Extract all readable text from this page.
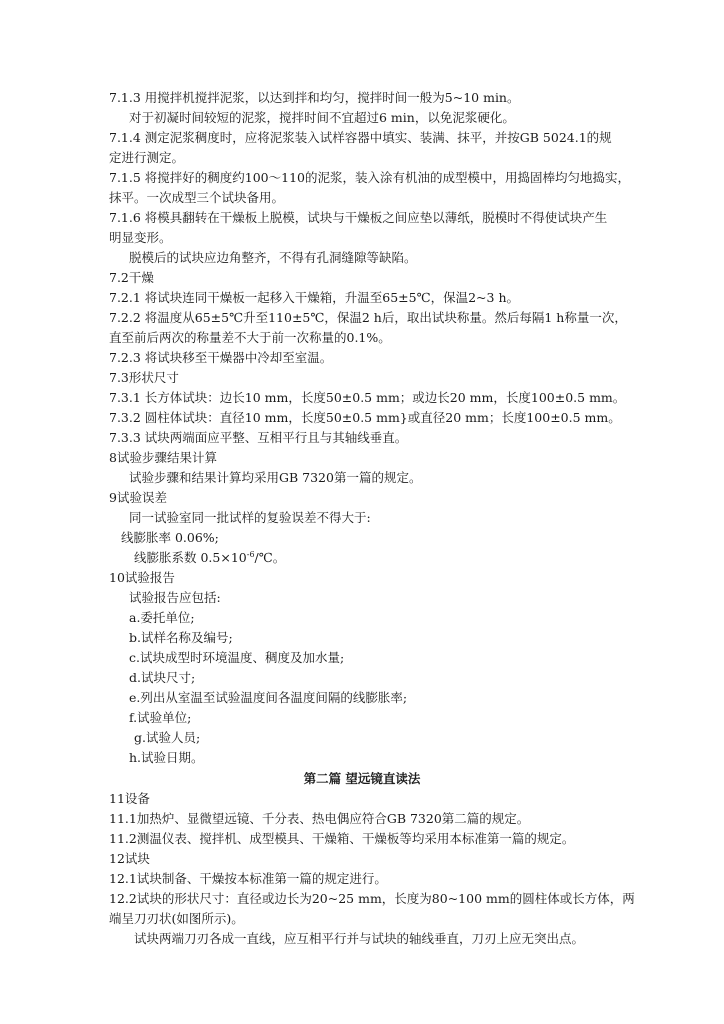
7.1.3 用搅拌机搅拌泥浆，以达到拌和均匀，搅拌时间一般为5~10 min。
对于初凝时间较短的泥浆，搅拌时间不宜超过6 min，以免泥浆硬化。
7.1.4 测定泥浆稠度时，应将泥浆装入试样容器中填实、装满、抹平，并按GB 5024.1的规
定进行测定。
7.1.5 将搅拌好的稠度约100～110的泥浆，装入涂有机油的成型模中，用捣固棒均匀地捣实，
抹平。一次成型三个试块备用。
7.1.6 将模具翻转在干燥板上脱模，试块与干燥板之间应垫以薄纸，脱模时不得使试块产生
明显变形。
脱模后的试块应边角整齐，不得有孔洞缝隙等缺陷。
7.2干燥
7.2.1 将试块连同干燥板一起移入干燥箱，升温至65±5℃，保温2~3 h。
7.2.2 将温度从65±5℃升至110±5℃，保温2 h后，取出试块称量。然后每隔1 h称量一次，
直至前后两次的称量差不大于前一次称量的0.1%。
7.2.3 将试块移至干燥器中冷却至室温。
7.3形状尺寸
7.3.1 长方体试块：边长10 mm，长度50±0.5 mm；或边长20 mm，长度100±0.5 mm。
7.3.2 圆柱体试块：直径10 mm，长度50±0.5 mm}或直径20 mm；长度100±0.5 mm。
7.3.3 试块两端面应平整、互相平行且与其轴线垂直。
8试验步骤结果计算
试验步骤和结果计算均采用GB 7320第一篇的规定。
9试验误差
同一试验室同一批试样的复验误差不得大于:
线膨胀率 0.06%;
线膨胀系数 $0.5\times 10^{-6}/℃$。
10试验报告
试验报告应包括:
a.委托单位;
b.试样名称及编号;
c.试块成型时环境温度、稠度及加水量;
d.试块尺寸;
e.列出从室温至试验温度间各温度间隔的线膨胀率;
f.试验单位;
g.试验人员;
h.试验日期。
第二篇 望远镜直读法
11设备
11.1加热炉、显微望远镜、千分表、热电偶应符合GB 7320第二篇的规定。
11.2测温仪表、搅拌机、成型模具、干燥箱、干燥板等均采用本标准第一篇的规定。
12试块
12.1试块制备、干燥按本标准第一篇的规定进行。
12.2试块的形状尺寸：直径或边长为20~25 mm，长度为80~100 mm的圆柱体或长方体，两
端呈刀刃状(如图所示)。
试块两端刀刃各成一直线，应互相平行并与试块的轴线垂直，刀刃上应无突出点。
